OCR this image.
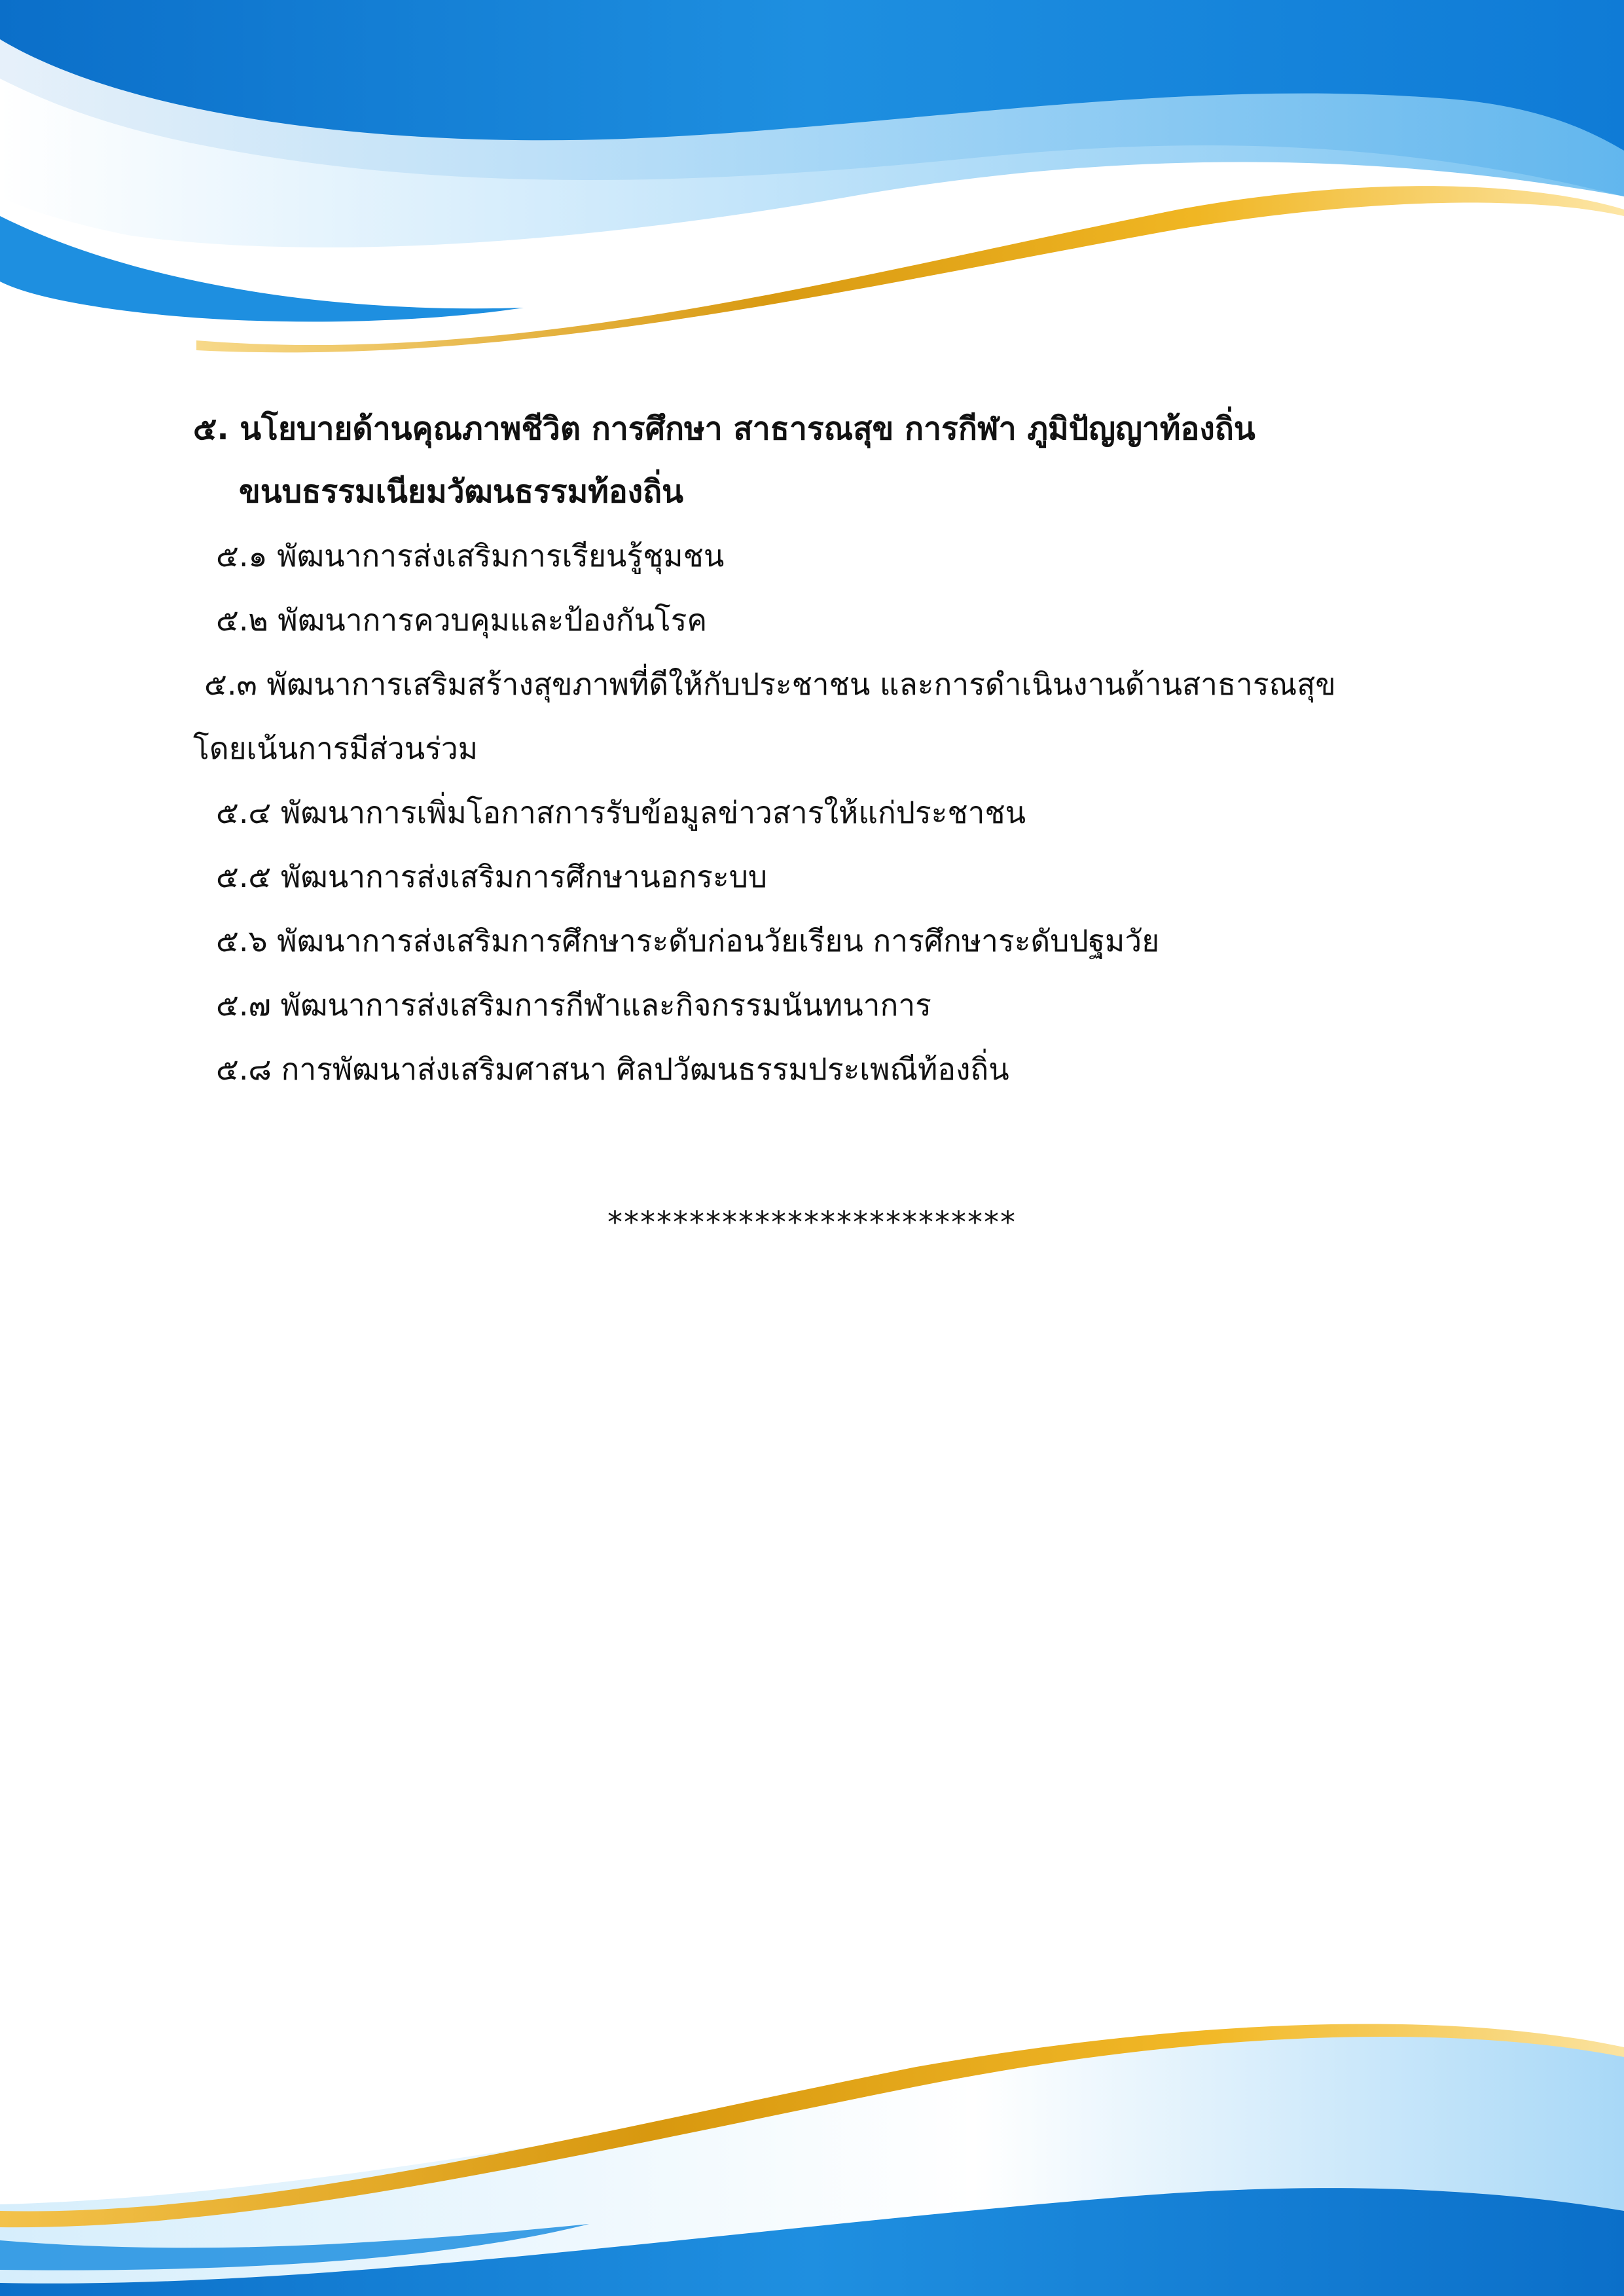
๕. นโยบายด้านคุณภาพชีวิต การศึกษา สาธารณสุข การกีฬา ภูมิปัญญาท้องถิ่น
ขนบธรรมเนียมวัฒนธรรมท้องถิ่น
๕.๑ พัฒนาการส่งเสริมการเรียนรู้ชุมชน
๕.๒ พัฒนาการควบคุมและป้องกันโรค
๕.๓ พัฒนาการเสริมสร้างสุขภาพที่ดีให้กับประชาชน และการดำเนินงานด้านสาธารณสุข
โดยเน้นการมีส่วนร่วม
๕.๔ พัฒนาการเพิ่มโอกาสการรับข้อมูลข่าวสารให้แก่ประชาชน
๕.๕ พัฒนาการส่งเสริมการศึกษานอกระบบ
๕.๖ พัฒนาการส่งเสริมการศึกษาระดับก่อนวัยเรียน การศึกษาระดับปฐมวัย
๕.๗ พัฒนาการส่งเสริมการกีฬาและกิจกรรมนันทนาการ
๕.๘ การพัฒนาส่งเสริมศาสนา ศิลปวัฒนธรรมประเพณีท้องถิ่น
*************************
